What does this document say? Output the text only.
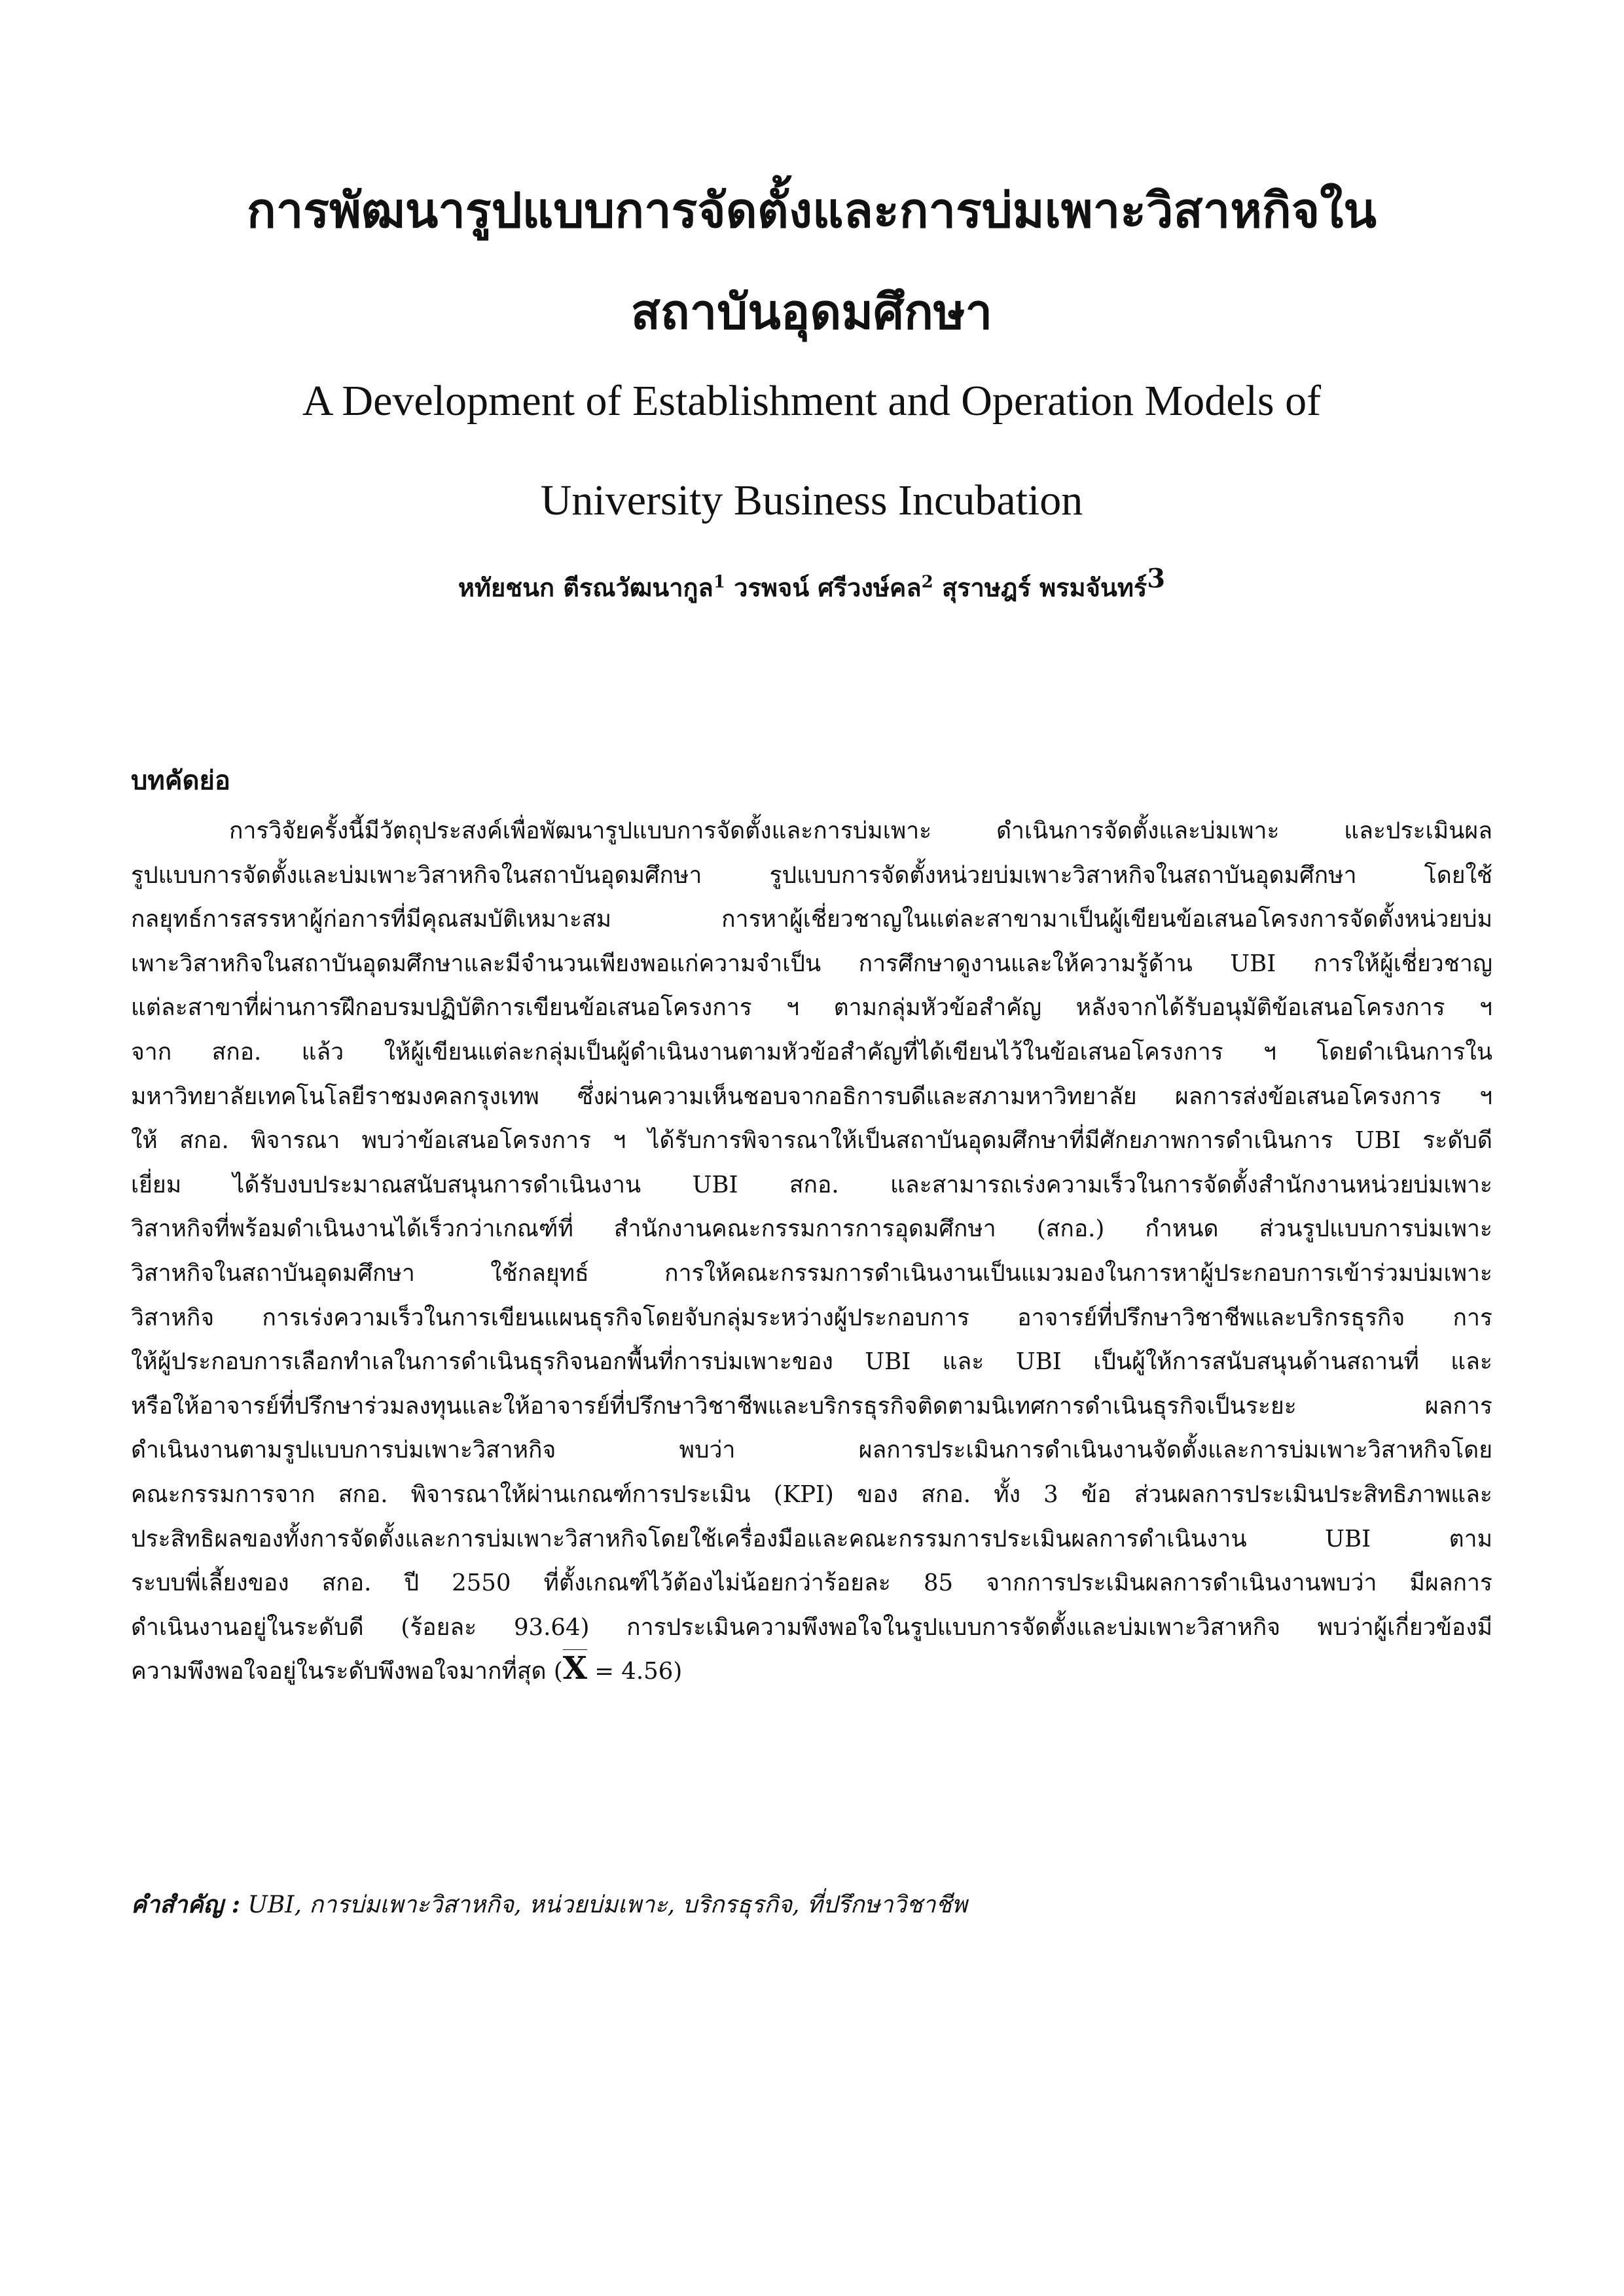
การพัฒนารูปแบบการจัดตั้งและการบ่มเพาะวิสาหกิจใน
สถาบันอุดมศึกษา
A Development of Establishment and Operation Models of
University Business Incubation
หทัยชนก ตีรณวัฒนากูล$^1$ วรพจน์ ศรีวงษ์คล$^2$ สุราษฎร์ พรมจันทร์$^3$
บทคัดย่อ
การวิจัยครั้งนี้มีวัตถุประสงค์เพื่อพัฒนารูปแบบการจัดตั้งและการบ่มเพาะ ดำเนินการจัดตั้งและบ่มเพาะ และประเมินผล
รูปแบบการจัดตั้งและบ่มเพาะวิสาหกิจในสถาบันอุดมศึกษา รูปแบบการจัดตั้งหน่วยบ่มเพาะวิสาหกิจในสถาบันอุดมศึกษา โดยใช้
กลยุทธ์การสรรหาผู้ก่อการที่มีคุณสมบัติเหมาะสม การหาผู้เชี่ยวชาญในแต่ละสาขามาเป็นผู้เขียนข้อเสนอโครงการจัดตั้งหน่วยบ่ม
เพาะวิสาหกิจในสถาบันอุดมศึกษาและมีจำนวนเพียงพอแก่ความจำเป็น การศึกษาดูงานและให้ความรู้ด้าน UBI การให้ผู้เชี่ยวชาญ
แต่ละสาขาที่ผ่านการฝึกอบรมปฏิบัติการเขียนข้อเสนอโครงการ ฯ ตามกลุ่มหัวข้อสำคัญ หลังจากได้รับอนุมัติข้อเสนอโครงการ ฯ
จาก สกอ. แล้ว ให้ผู้เขียนแต่ละกลุ่มเป็นผู้ดำเนินงานตามหัวข้อสำคัญที่ได้เขียนไว้ในข้อเสนอโครงการ ฯ โดยดำเนินการใน
มหาวิทยาลัยเทคโนโลยีราชมงคลกรุงเทพ ซึ่งผ่านความเห็นชอบจากอธิการบดีและสภามหาวิทยาลัย ผลการส่งข้อเสนอโครงการ ฯ
ให้ สกอ. พิจารณา พบว่าข้อเสนอโครงการ ฯ ได้รับการพิจารณาให้เป็นสถาบันอุดมศึกษาที่มีศักยภาพการดำเนินการ UBI ระดับดี
เยี่ยม ได้รับงบประมาณสนับสนุนการดำเนินงาน UBI สกอ. และสามารถเร่งความเร็วในการจัดตั้งสำนักงานหน่วยบ่มเพาะ
วิสาหกิจที่พร้อมดำเนินงานได้เร็วกว่าเกณฑ์ที่ สำนักงานคณะกรรมการการอุดมศึกษา (สกอ.) กำหนด ส่วนรูปแบบการบ่มเพาะ
วิสาหกิจในสถาบันอุดมศึกษา ใช้กลยุทธ์ การให้คณะกรรมการดำเนินงานเป็นแมวมองในการหาผู้ประกอบการเข้าร่วมบ่มเพาะ
วิสาหกิจ การเร่งความเร็วในการเขียนแผนธุรกิจโดยจับกลุ่มระหว่างผู้ประกอบการ อาจารย์ที่ปรึกษาวิชาชีพและบริกรธุรกิจ การ
ให้ผู้ประกอบการเลือกทำเลในการดำเนินธุรกิจนอกพื้นที่การบ่มเพาะของ UBI และ UBI เป็นผู้ให้การสนับสนุนด้านสถานที่ และ
หรือให้อาจารย์ที่ปรึกษาร่วมลงทุนและให้อาจารย์ที่ปรึกษาวิชาชีพและบริกรธุรกิจติดตามนิเทศการดำเนินธุรกิจเป็นระยะ ผลการ
ดำเนินงานตามรูปแบบการบ่มเพาะวิสาหกิจ พบว่า ผลการประเมินการดำเนินงานจัดตั้งและการบ่มเพาะวิสาหกิจโดย
คณะกรรมการจาก สกอ. พิจารณาให้ผ่านเกณฑ์การประเมิน (KPI) ของ สกอ. ทั้ง 3 ข้อ ส่วนผลการประเมินประสิทธิภาพและ
ประสิทธิผลของทั้งการจัดตั้งและการบ่มเพาะวิสาหกิจโดยใช้เครื่องมือและคณะกรรมการประเมินผลการดำเนินงาน UBI ตาม
ระบบพี่เลี้ยงของ สกอ. ปี 2550 ที่ตั้งเกณฑ์ไว้ต้องไม่น้อยกว่าร้อยละ 85 จากการประเมินผลการดำเนินงานพบว่า มีผลการ
ดำเนินงานอยู่ในระดับดี (ร้อยละ 93.64) การประเมินความพึงพอใจในรูปแบบการจัดตั้งและบ่มเพาะวิสาหกิจ พบว่าผู้เกี่ยวข้องมี
ความพึงพอใจอยู่ในระดับพึงพอใจมากที่สุด $(\overline{X} = 4.56)$
คำสำคัญ : UBI, การบ่มเพาะวิสาหกิจ, หน่วยบ่มเพาะ, บริกรธุรกิจ, ที่ปรึกษาวิชาชีพ
